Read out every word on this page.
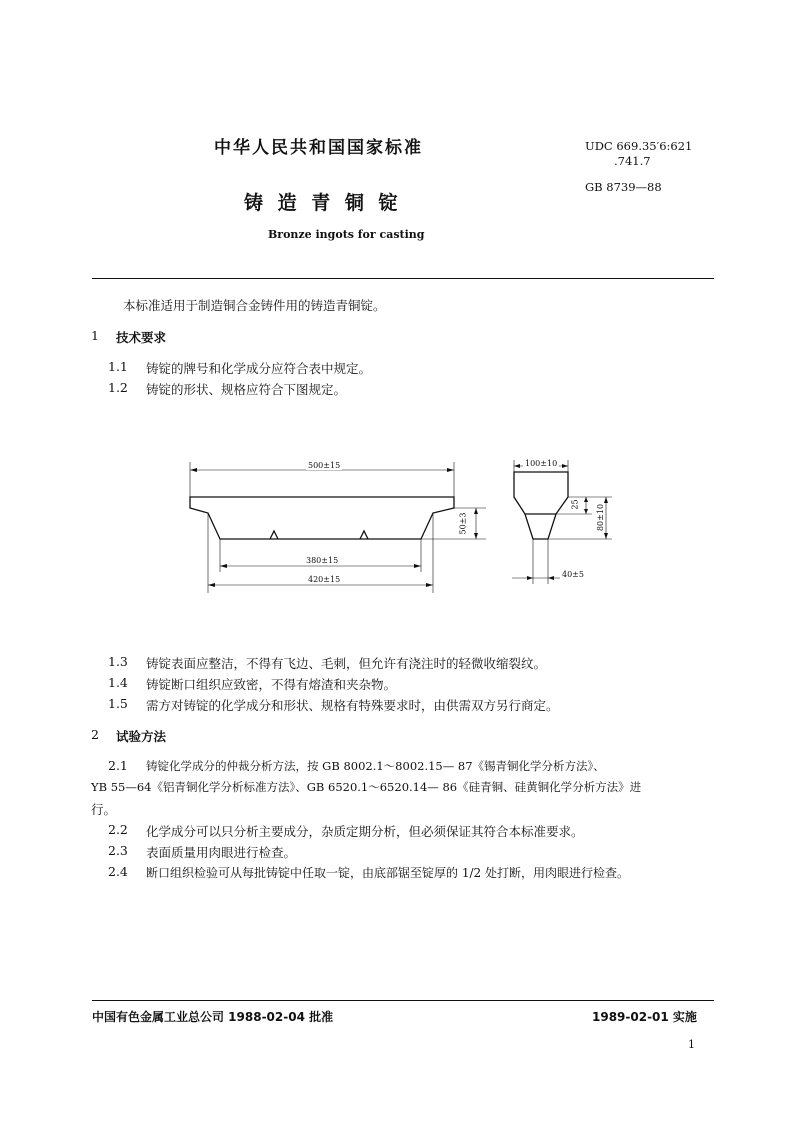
中华人民共和国国家标准
铸 造 青 铜 锭
Bronze ingots for casting
UDC 669.35′6:621
.741.7
GB 8739—88
本标准适用于制造铜合金铸件用的铸造青铜锭。
1 技术要求
1.1 铸锭的牌号和化学成分应符合表中规定。
1.2 铸锭的形状、规格应符合下图规定。
500±15
380±15
420±15
50±3
100±10
25 80±10
40±5
1.3 铸锭表面应整洁，不得有飞边、毛刺，但允许有浇注时的轻微收缩裂纹。
1.4 铸锭断口组织应致密，不得有熔渣和夹杂物。
1.5 需方对铸锭的化学成分和形状、规格有特殊要求时，由供需双方另行商定。
2 试验方法
2.1 铸锭化学成分的仲裁分析方法，按 GB 8002.1～8002.15— 87《锡青铜化学分析方法》、
YB 55—64《铝青铜化学分析标准方法》、GB 6520.1～6520.14— 86《硅青铜、硅黄铜化学分析方法》进
行。
2.2 化学成分可以只分析主要成分，杂质定期分析，但必须保证其符合本标准要求。
2.3 表面质量用肉眼进行检查。
2.4 断口组织检验可从每批铸锭中任取一锭，由底部锯至锭厚的 1/2 处打断，用肉眼进行检查。
中国有色金属工业总公司 1988-02-04 批准	1989-02-01 实施
1
